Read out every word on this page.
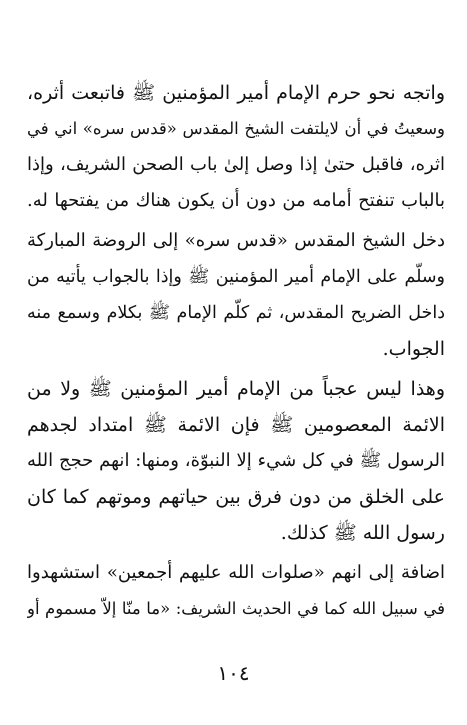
واتجه نحو حرم الإمام أمير المؤمنين ﷺ فاتبعت أثره،
وسعيتُ في أن لايلتفت الشيخ المقدس «قدس سره» اني في
اثره، فاقبل حتىٰ إذا وصل إلىٰ باب الصحن الشريف، وإذا
بالباب تنفتح أمامه من دون أن يكون هناك من يفتحها له.
دخل الشيخ المقدس «قدس سره» إلى الروضة المباركة
وسلّم على الإمام أمير المؤمنين ﷺ وإذا بالجواب يأتيه من
داخل الضريح المقدس، ثم كلّم الإمام ﷺ بكلام وسمع منه
الجواب.
وهذا ليس عجباً من الإمام أمير المؤمنين ﷺ ولا من
الائمة المعصومين ﷺ فإن الائمة ﷺ امتداد لجدهم
الرسول ﷺ في كل شيء إلا النبوّة، ومنها: انهم حجج الله
على الخلق من دون فرق بين حياتهم وموتهم كما كان
رسول الله ﷺ كذلك.
اضافة إلى انهم «صلوات الله عليهم أجمعين» استشهدوا
في سبيل الله كما في الحديث الشريف: «ما منّا إلاّ مسموم أو
١٠٤
